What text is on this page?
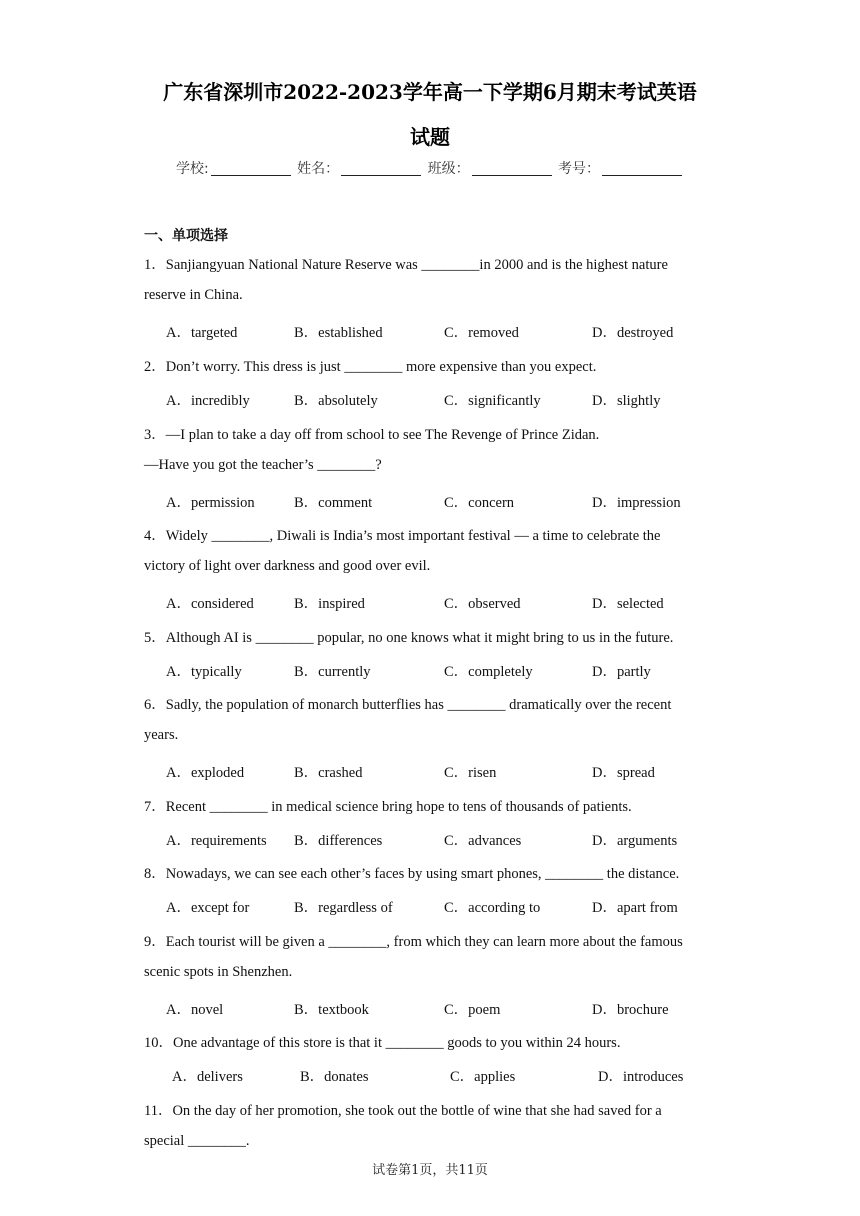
广东省深圳市2022-2023学年高一下学期6月期末考试英语
试题
学校:	姓名：	班级：	考号：
一、单项选择
1．Sanjiangyuan National Nature Reserve was ________in 2000 and is the highest nature
reserve in China.
A．targeted	B．established	C．removed	D．destroyed
2．Don’t worry. This dress is just ________ more expensive than you expect.
A．incredibly	B．absolutely	C．significantly	D．slightly
3．—I plan to take a day off from school to see The Revenge of Prince Zidan.
—Have you got the teacher’s ________?
A．permission	B．comment	C．concern	D．impression
4．Widely ________, Diwali is India’s most important festival — a time to celebrate the
victory of light over darkness and good over evil.
A．considered	B．inspired	C．observed	D．selected
5．Although AI is ________ popular, no one knows what it might bring to us in the future.
A．typically	B．currently	C．completely	D．partly
6．Sadly, the population of monarch butterflies has ________ dramatically over the recent
years.
A．exploded	B．crashed	C．risen	D．spread
7．Recent ________ in medical science bring hope to tens of thousands of patients.
A．requirements B．differences	C．advances	D．arguments
8．Nowadays, we can see each other’s faces by using smart phones, ________ the distance.
A．except for	B．regardless of	C．according to	D．apart from
9．Each tourist will be given a ________, from which they can learn more about the famous
scenic spots in Shenzhen.
A．novel	B．textbook	C．poem	D．brochure
10．One advantage of this store is that it ________ goods to you within 24 hours.
A．delivers	B．donates	C．applies	D．introduces
11．On the day of her promotion, she took out the bottle of wine that she had saved for a
special ________.
试卷第1页，共11页
